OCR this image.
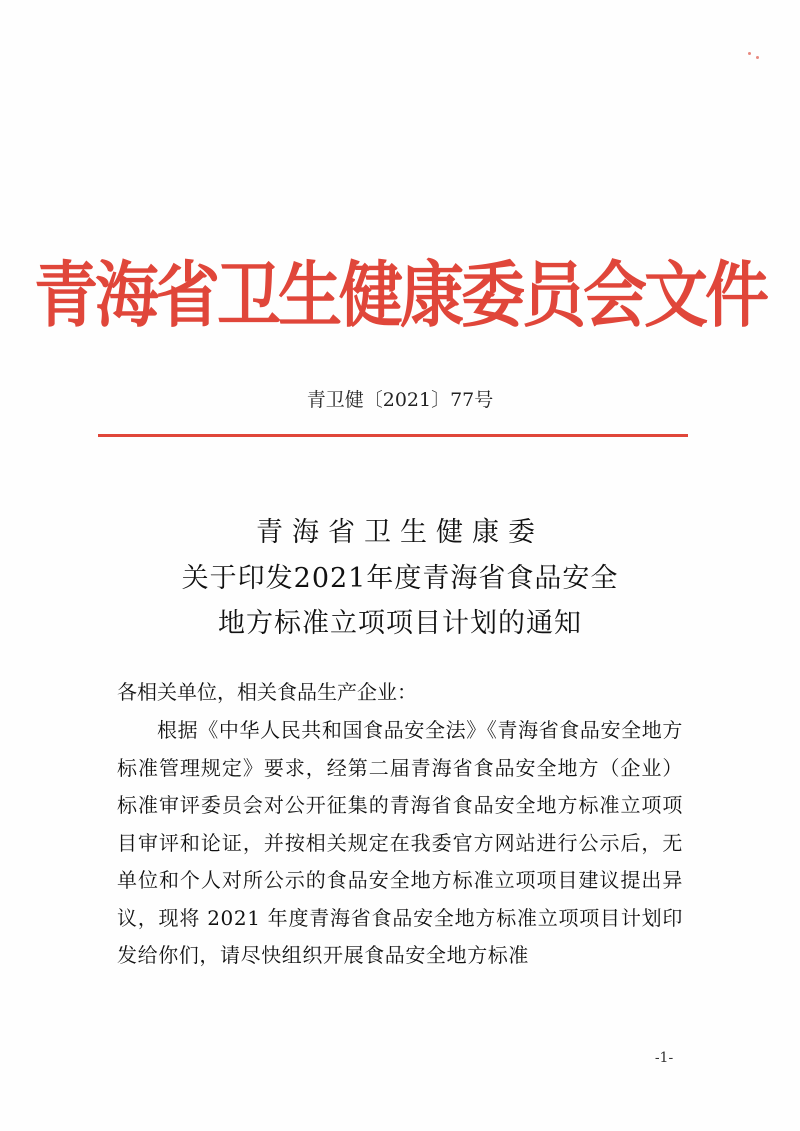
青海省卫生健康委员会文件
青卫健〔2021〕77号
青海省卫生健康委
关于印发2021年度青海省食品安全
地方标准立项项目计划的通知
各相关单位，相关食品生产企业：
根据《中华人民共和国食品安全法》《青海省食品安全地方标准管理规定》要求，经第二届青海省食品安全地方（企业）标准审评委员会对公开征集的青海省食品安全地方标准立项项目审评和论证，并按相关规定在我委官方网站进行公示后，无单位和个人对所公示的食品安全地方标准立项项目建议提出异议，现将 2021 年度青海省食品安全地方标准立项项目计划印发给你们，请尽快组织开展食品安全地方标准
-1-
